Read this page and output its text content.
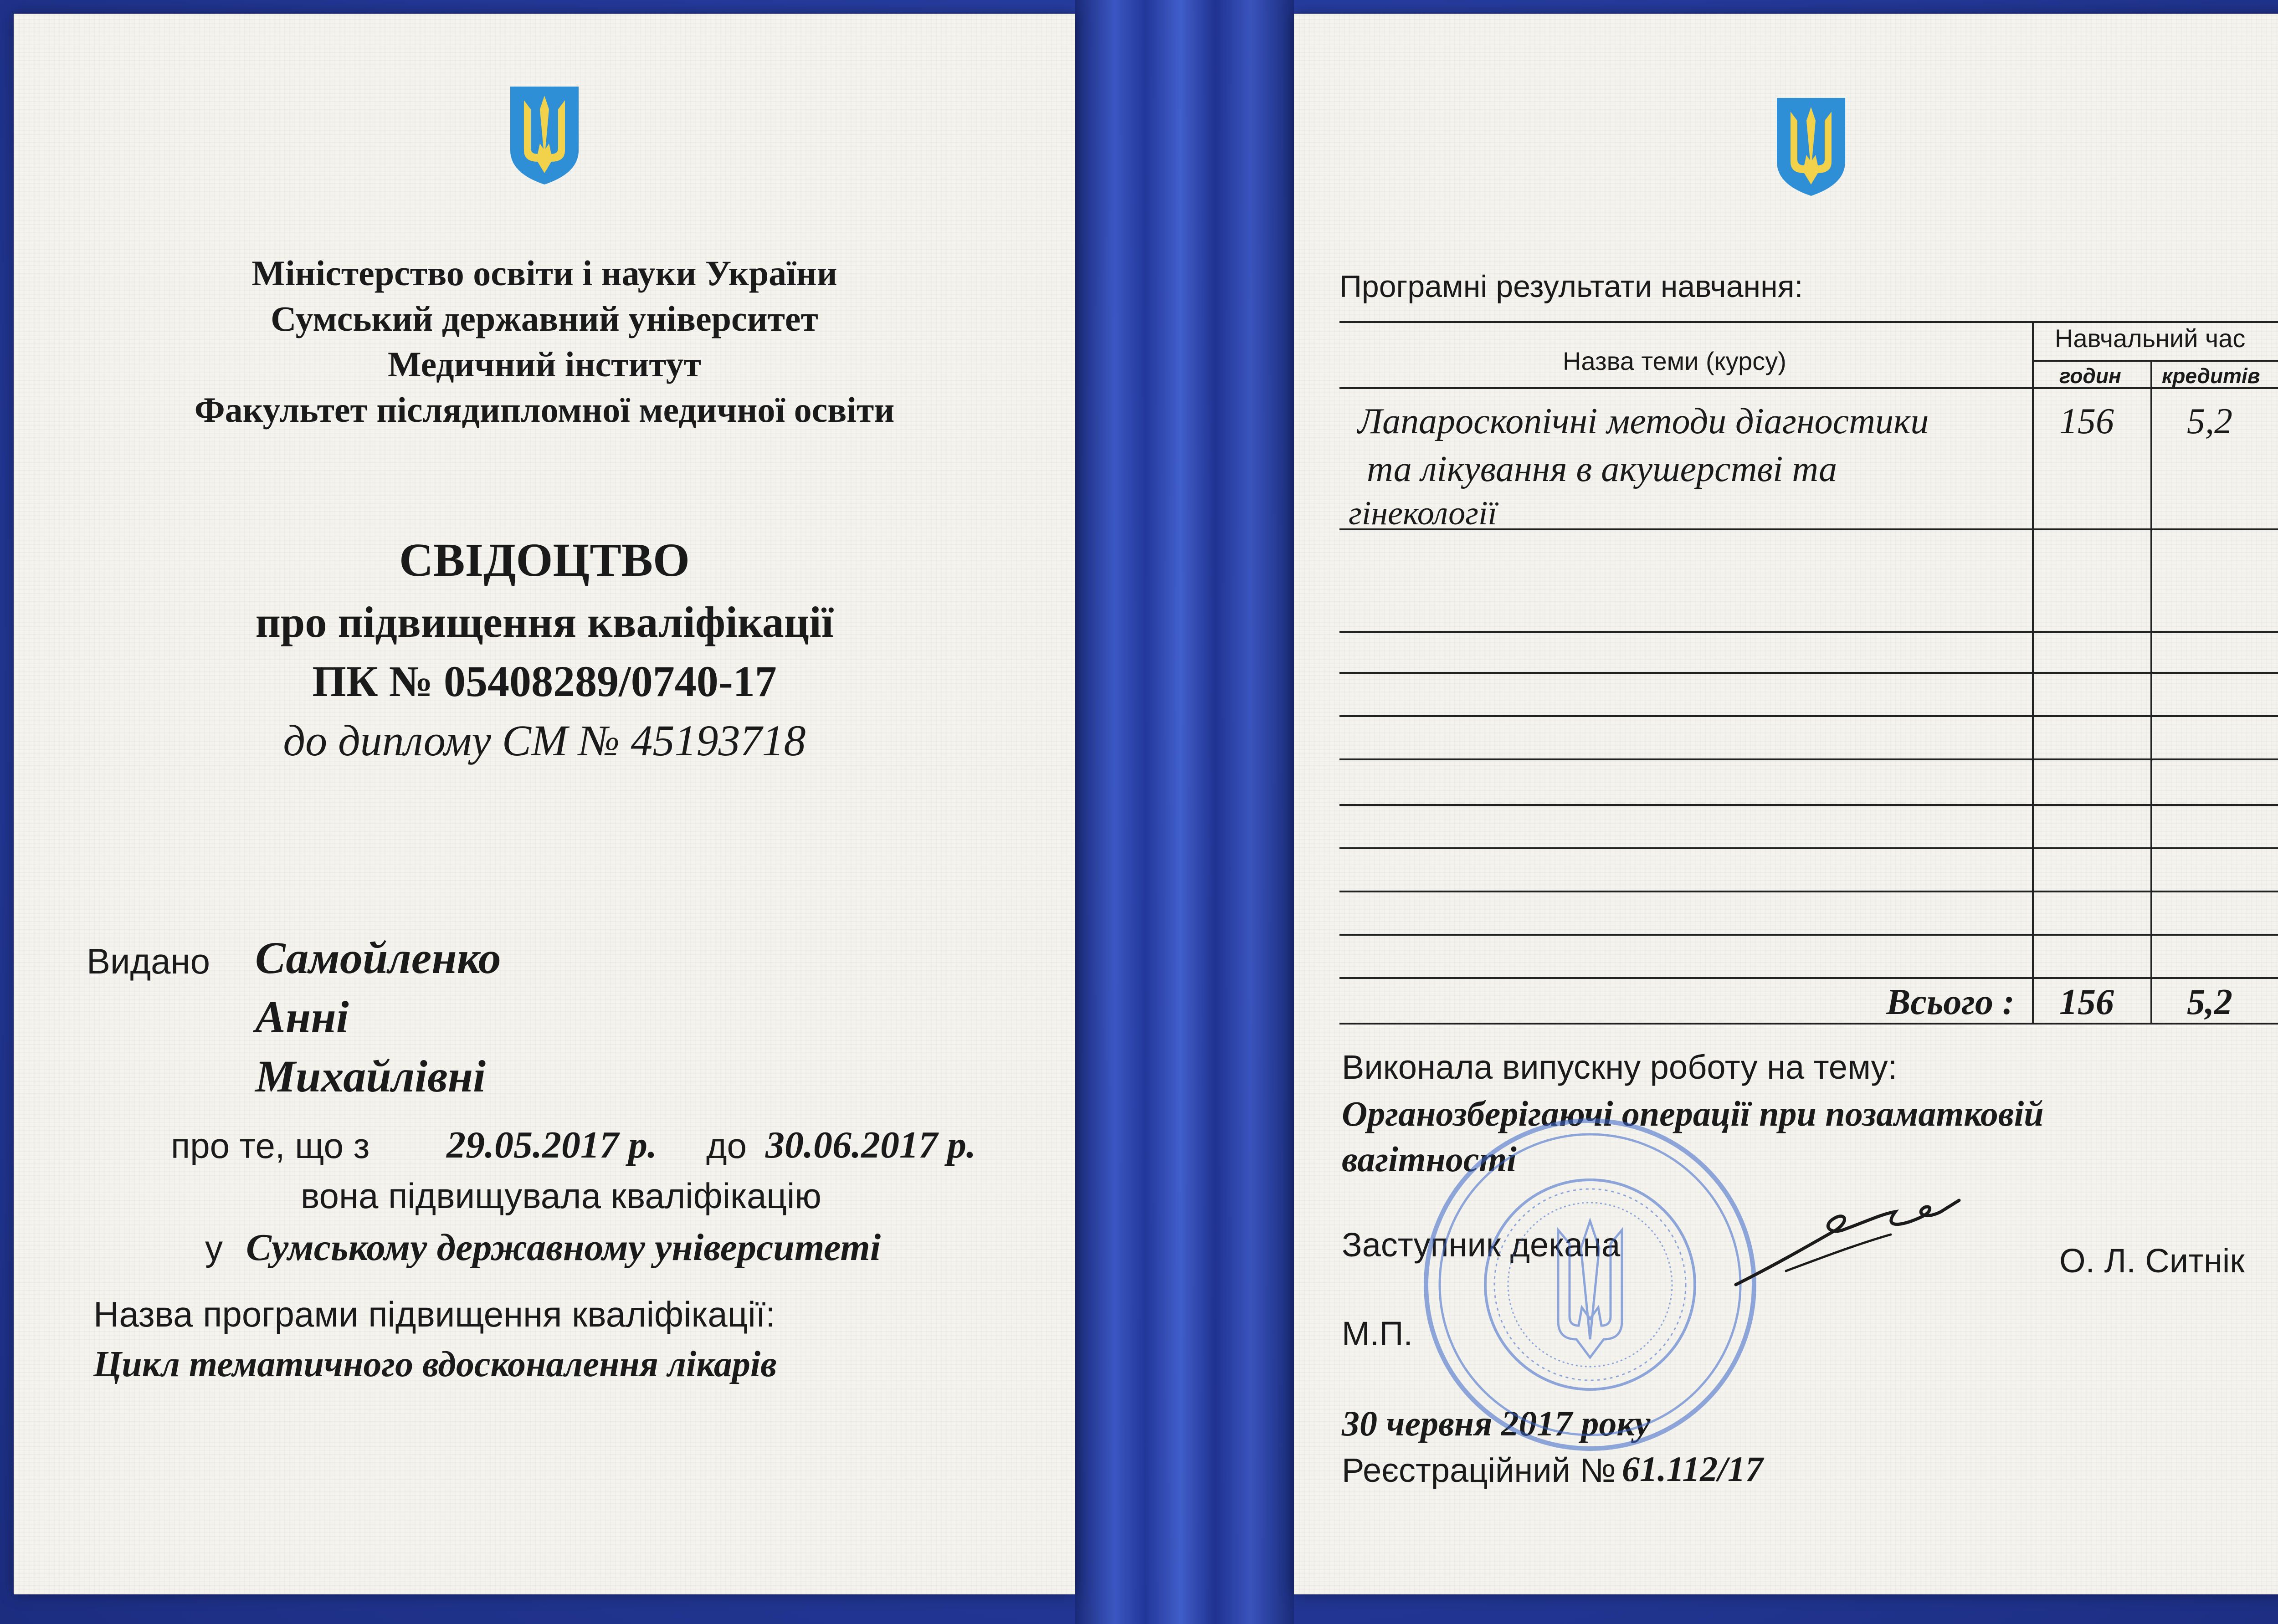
Міністерство освіти і науки України

Сумський державний університет

Медичний інститут

Факультет післядипломної медичної освіти

СВІДОЦТВО

про підвищення кваліфікації

ПК № 05408289/0740-17

до диплому СМ № 45193718

Видано Самойленко

Анні

Михайлівні

про те, що з 29.05.2017 р. до 30.06.2017 р.

вона підвищувала кваліфікацію

у Сумському державному університеті

Назва програми підвищення кваліфікації:

Цикл тематичного вдосконалення лікарів

Програмні результати навчання:

Назва теми (курсу)

Навчальний час

годин кредитів

Лапароскопічні методи діагностики

та лікування в акушерстві та

гінекології

156 5,2

Всього : 156 5,2

Виконала випускну роботу на тему:

Органозберігаючі операції при позаматковій

вагітності

Заступник декана	О. Л. Ситнік

М.П.

30 червня 2017 року

Реєстраційний № 61.112/17
